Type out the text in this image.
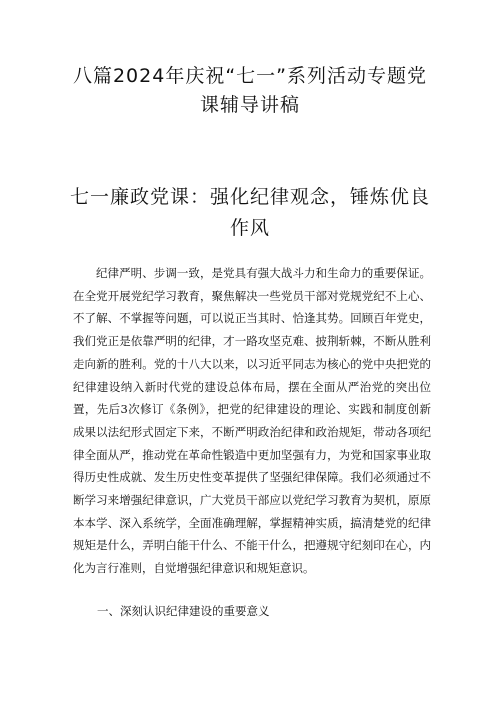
八篇2024年庆祝“七一”系列活动专题党课辅导讲稿
七一廉政党课：强化纪律观念，锤炼优良作风

纪律严明、步调一致，是党具有强大战斗力和生命力的重要保证。在全党开展党纪学习教育，聚焦解决一些党员干部对党规党纪不上心、不了解、不掌握等问题，可以说正当其时、恰逢其势。回顾百年党史，我们党正是依靠严明的纪律，才一路攻坚克难、披荆斩棘，不断从胜利走向新的胜利。党的十八大以来，以习近平同志为核心的党中央把党的纪律建设纳入新时代党的建设总体布局，摆在全面从严治党的突出位置，先后3次修订《条例》，把党的纪律建设的理论、实践和制度创新成果以法纪形式固定下来，不断严明政治纪律和政治规矩，带动各项纪律全面从严，推动党在革命性锻造中更加坚强有力，为党和国家事业取得历史性成就、发生历史性变革提供了坚强纪律保障。我们必须通过不断学习来增强纪律意识，广大党员干部应以党纪学习教育为契机，原原本本学、深入系统学，全面准确理解，掌握精神实质，搞清楚党的纪律规矩是什么，弄明白能干什么、不能干什么，把遵规守纪刻印在心，内化为言行准则，自觉增强纪律意识和规矩意识。

一、深刻认识纪律建设的重要意义
